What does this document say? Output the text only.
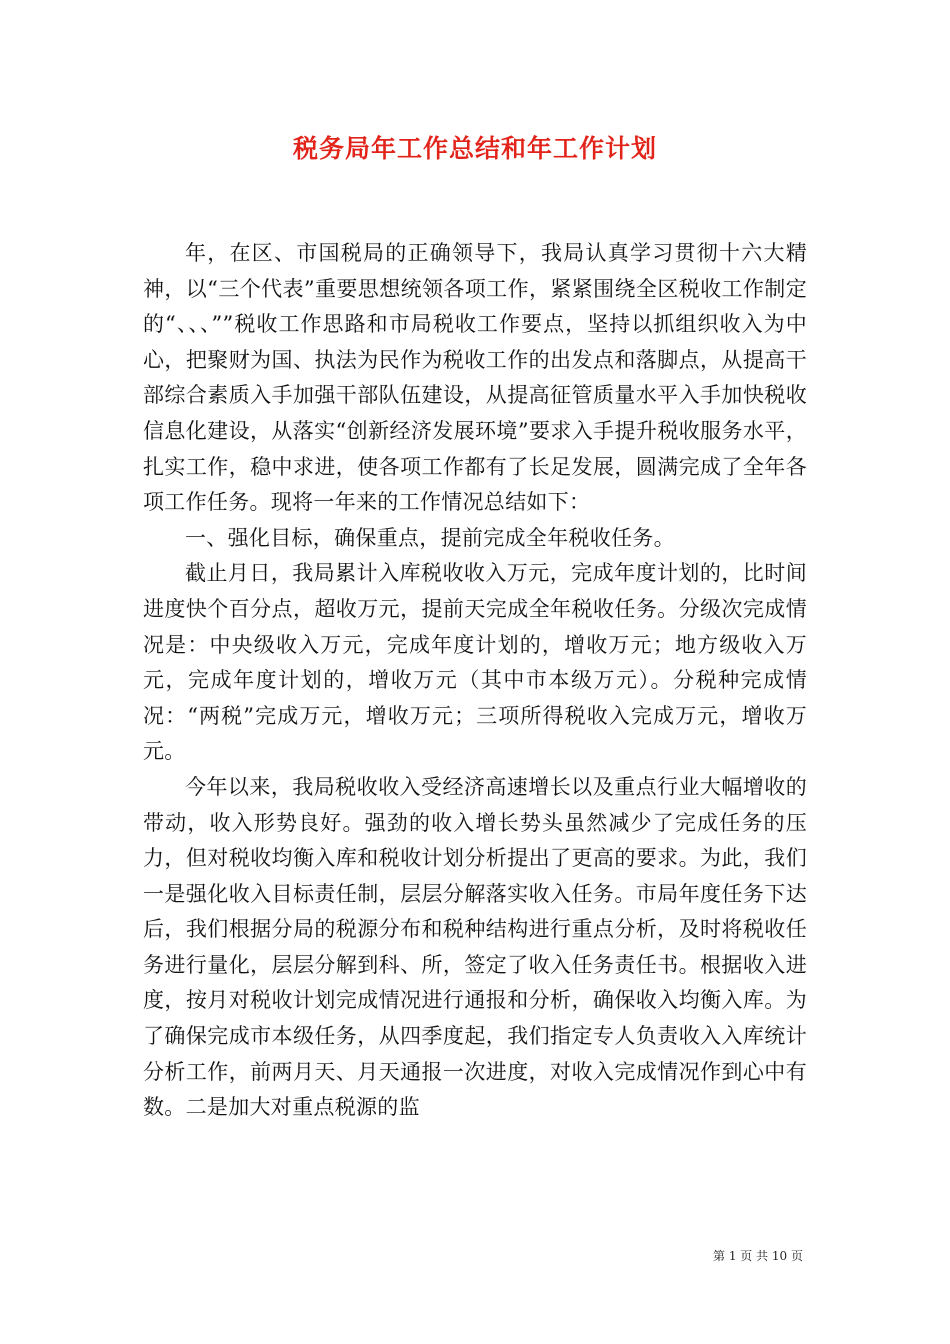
税务局年工作总结和年工作计划

年，在区、市国税局的正确领导下，我局认真学习贯彻十六大精神，以“三个代表”重要思想统领各项工作，紧紧围绕全区税收工作制定的“、、、””税收工作思路和市局税收工作要点，坚持以抓组织收入为中心，把聚财为国、执法为民作为税收工作的出发点和落脚点，从提高干部综合素质入手加强干部队伍建设，从提高征管质量水平入手加快税收信息化建设，从落实“创新经济发展环境”要求入手提升税收服务水平，扎实工作，稳中求进，使各项工作都有了长足发展，圆满完成了全年各项工作任务。现将一年来的工作情况总结如下：

一、强化目标，确保重点，提前完成全年税收任务。

截止月日，我局累计入库税收收入万元，完成年度计划的，比时间进度快个百分点，超收万元，提前天完成全年税收任务。分级次完成情况是：中央级收入万元，完成年度计划的，增收万元；地方级收入万元，完成年度计划的，增收万元（其中市本级万元）。分税种完成情况：“两税”完成万元，增收万元；三项所得税收入完成万元，增收万元。

今年以来，我局税收收入受经济高速增长以及重点行业大幅增收的带动，收入形势良好。强劲的收入增长势头虽然减少了完成任务的压力，但对税收均衡入库和税收计划分析提出了更高的要求。为此，我们一是强化收入目标责任制，层层分解落实收入任务。市局年度任务下达后，我们根据分局的税源分布和税种结构进行重点分析，及时将税收任务进行量化，层层分解到科、所，签定了收入任务责任书。根据收入进度，按月对税收计划完成情况进行通报和分析，确保收入均衡入库。为了确保完成市本级任务，从四季度起，我们指定专人负责收入入库统计分析工作，前两月天、月天通报一次进度，对收入完成情况作到心中有数。二是加大对重点税源的监

第 1 页 共 10 页
